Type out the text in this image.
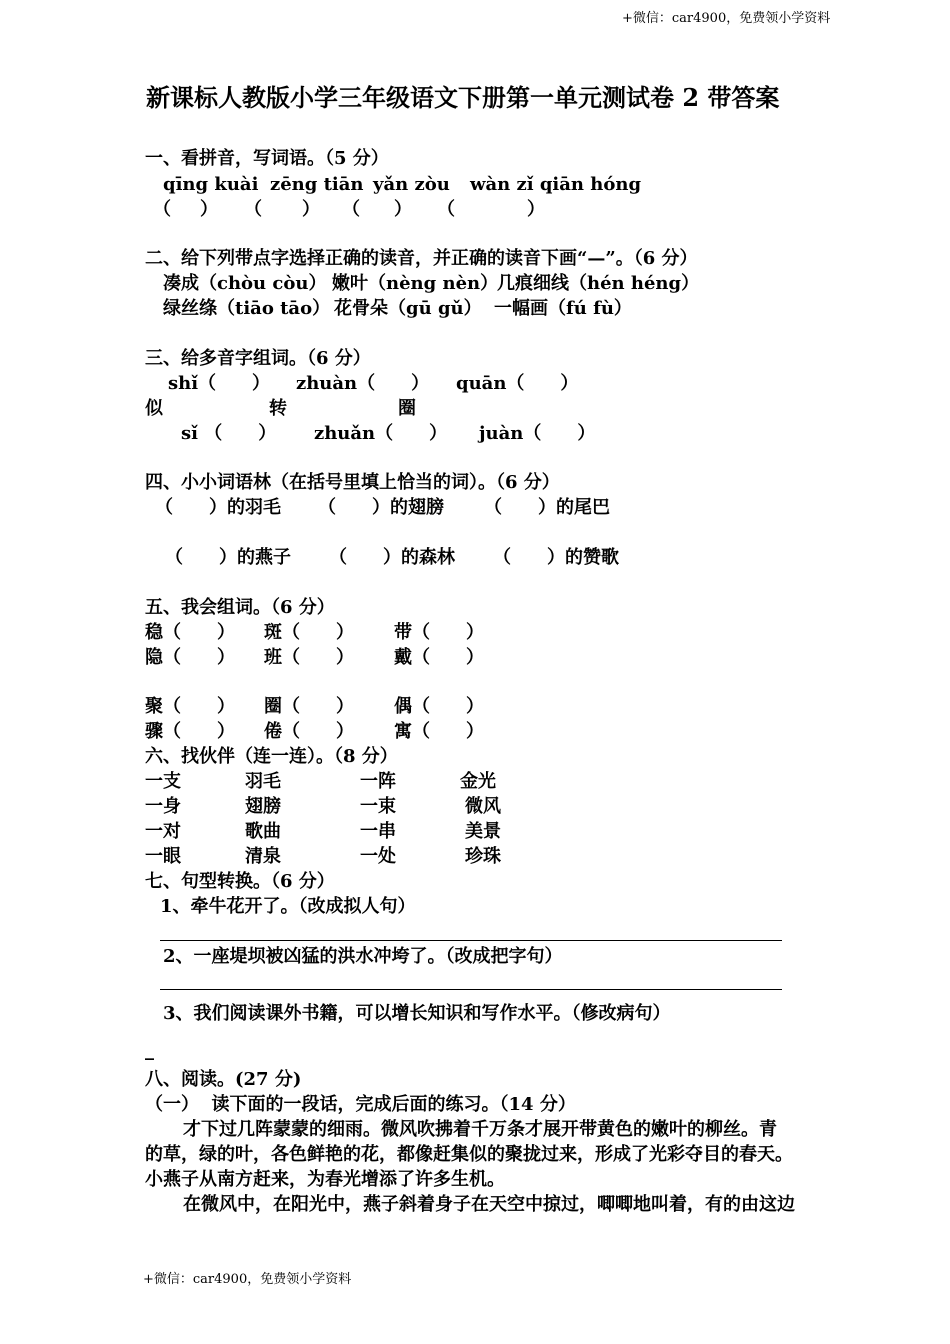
+微信：car4900，免费领小学资料
新课标人教版小学三年级语文下册第一单元测试卷 2 带答案
一、看拼音，写词语。（5 分）
qīng kuài zēng tiān yǎn zòu wàn zǐ qiān hóng
（ ） （ ） （ ） （	）
二、给下列带点字选择正确的读音，并正确的读音下画“—”。（6 分）
凑成（chòu còu） 嫩叶（nèng nèn）
几痕细线（hén héng）
绿丝绦（tiāo tāo） 花骨朵（gū gǔ） 一幅画（fú fù）
三、给多音字组词。（6 分）
shǐ（　　） zhuàn（　　） quān（　　）
似	转	圈
sǐ （　　） zhuǎn（　　） juàn（　　）
四、小小词语林（在括号里填上恰当的词）。（6 分）
（　　）的羽毛 （　　）的翅膀 （　　）的尾巴
（　　）的燕子 （　　）的森林 （　　）的赞歌
五、我会组词。（6 分）
稳（　　） 斑（　　） 带（　　）
隐（　　） 班（　　） 戴（　　）
聚（　　） 圈（　　） 偶（　　）
骤（　　） 倦（　　） 寓（　　）
六、找伙伴（连一连）。（8 分）
一支	羽毛	一阵	金光
一身	翅膀	一束	微风
一对	歌曲	一串	美景
一眼	清泉	一处	珍珠
七、句型转换。（6 分）
1、牵牛花开了。（改成拟人句）
2、一座堤坝被凶猛的洪水冲垮了。（改成把字句）
3、我们阅读课外书籍，可以增长知识和写作水平。（修改病句）
_
八、阅读。(27 分)
（一）  读下面的一段话，完成后面的练习。（14 分）
才下过几阵蒙蒙的细雨。微风吹拂着千万条才展开带黄色的嫩叶的柳丝。青
的草，绿的叶，各色鲜艳的花，都像赶集似的聚拢过来，形成了光彩夺目的春天。
小燕子从南方赶来，为春光增添了许多生机。
在微风中，在阳光中，燕子斜着身子在天空中掠过，唧唧地叫着，有的由这边
+微信：car4900，免费领小学资料
